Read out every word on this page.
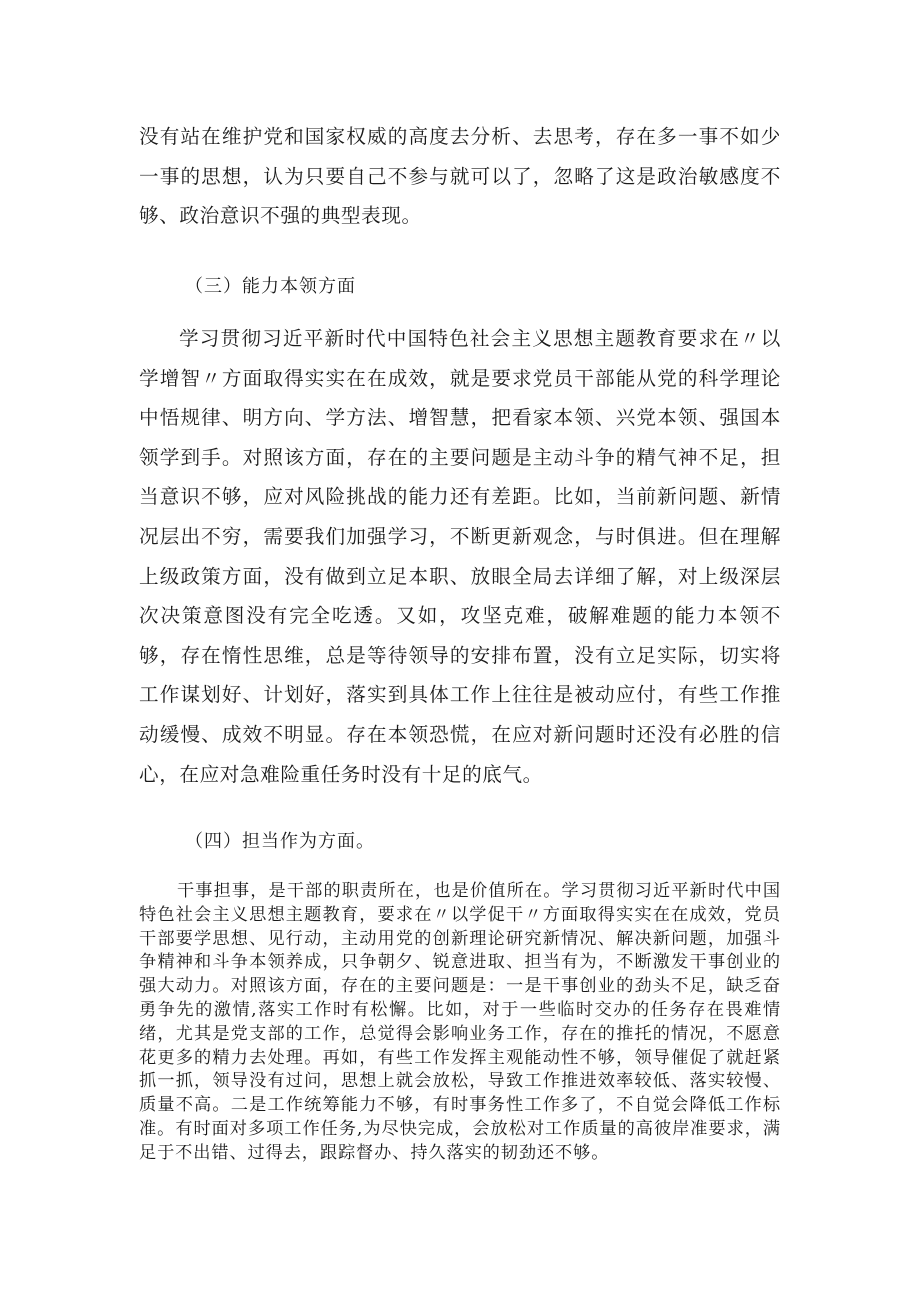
没有站在维护党和国家权威的高度去分析、去思考，存在多一事不如少一事的思想，认为只要自己不参与就可以了，忽略了这是政治敏感度不够、政治意识不强的典型表现。

（三）能力本领方面

学习贯彻习近平新时代中国特色社会主义思想主题教育要求在〃以学增智〃方面取得实实在在成效，就是要求党员干部能从党的科学理论中悟规律、明方向、学方法、增智慧，把看家本领、兴党本领、强国本领学到手。对照该方面，存在的主要问题是主动斗争的精气神不足，担当意识不够，应对风险挑战的能力还有差距。比如，当前新问题、新情况层出不穷，需要我们加强学习，不断更新观念，与时俱进。但在理解上级政策方面，没有做到立足本职、放眼全局去详细了解，对上级深层次决策意图没有完全吃透。又如，攻坚克难，破解难题的能力本领不够，存在惰性思维，总是等待领导的安排布置，没有立足实际，切实将工作谋划好、计划好，落实到具体工作上往往是被动应付，有些工作推动缓慢、成效不明显。存在本领恐慌，在应对新问题时还没有必胜的信心，在应对急难险重任务时没有十足的底气。

（四）担当作为方面。

干事担事，是干部的职责所在，也是价值所在。学习贯彻习近平新时代中国特色社会主义思想主题教育，要求在〃以学促干〃方面取得实实在在成效，党员干部要学思想、见行动，主动用党的创新理论研究新情况、解决新问题，加强斗争精神和斗争本领养成，只争朝夕、锐意进取、担当有为，不断激发干事创业的强大动力。对照该方面，存在的主要问题是：一是干事创业的劲头不足，缺乏奋勇争先的激情,落实工作时有松懈。比如，对于一些临时交办的任务存在畏难情绪，尤其是党支部的工作，总觉得会影响业务工作，存在的推托的情况，不愿意花更多的精力去处理。再如，有些工作发挥主观能动性不够，领导催促了就赶紧抓一抓，领导没有过问，思想上就会放松，导致工作推进效率较低、落实较慢、质量不高。二是工作统筹能力不够，有时事务性工作多了，不自觉会降低工作标准。有时面对多项工作任务,为尽快完成，会放松对工作质量的高彼岸准要求，满足于不出错、过得去，跟踪督办、持久落实的韧劲还不够。
